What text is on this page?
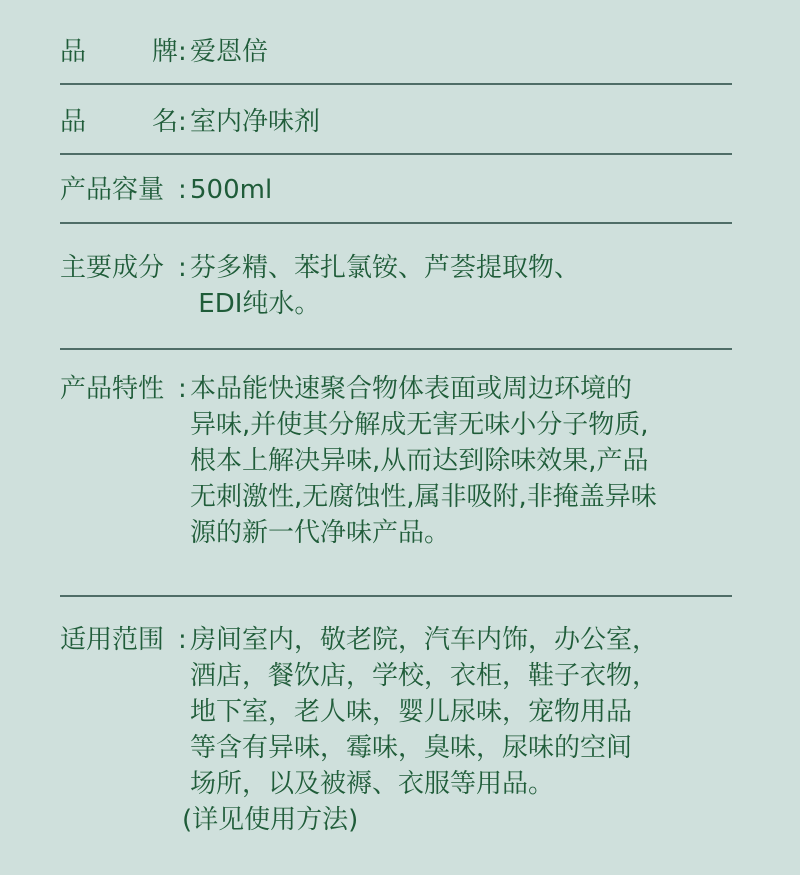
品	牌 : 爱恩倍
品	名 : 室内净味剂
产品容量 : 500ml
主要成分 : 芬多精、苯扎氯铵、芦荟提取物、
EDI纯水。
产品特性 : 本品能快速聚合物体表面或周边环境的
异味,并使其分解成无害无味小分子物质,
根本上解决异味,从而达到除味效果,产品
无刺激性,无腐蚀性,属非吸附,非掩盖异味
源的新一代净味产品。
适用范围 : 房间室内，敬老院，汽车内饰，办公室，
酒店，餐饮店，学校，衣柜，鞋子衣物，
地下室，老人味，婴儿尿味，宠物用品
等含有异味，霉味，臭味，尿味的空间
场所，以及被褥、衣服等用品。
(详见使用方法)
